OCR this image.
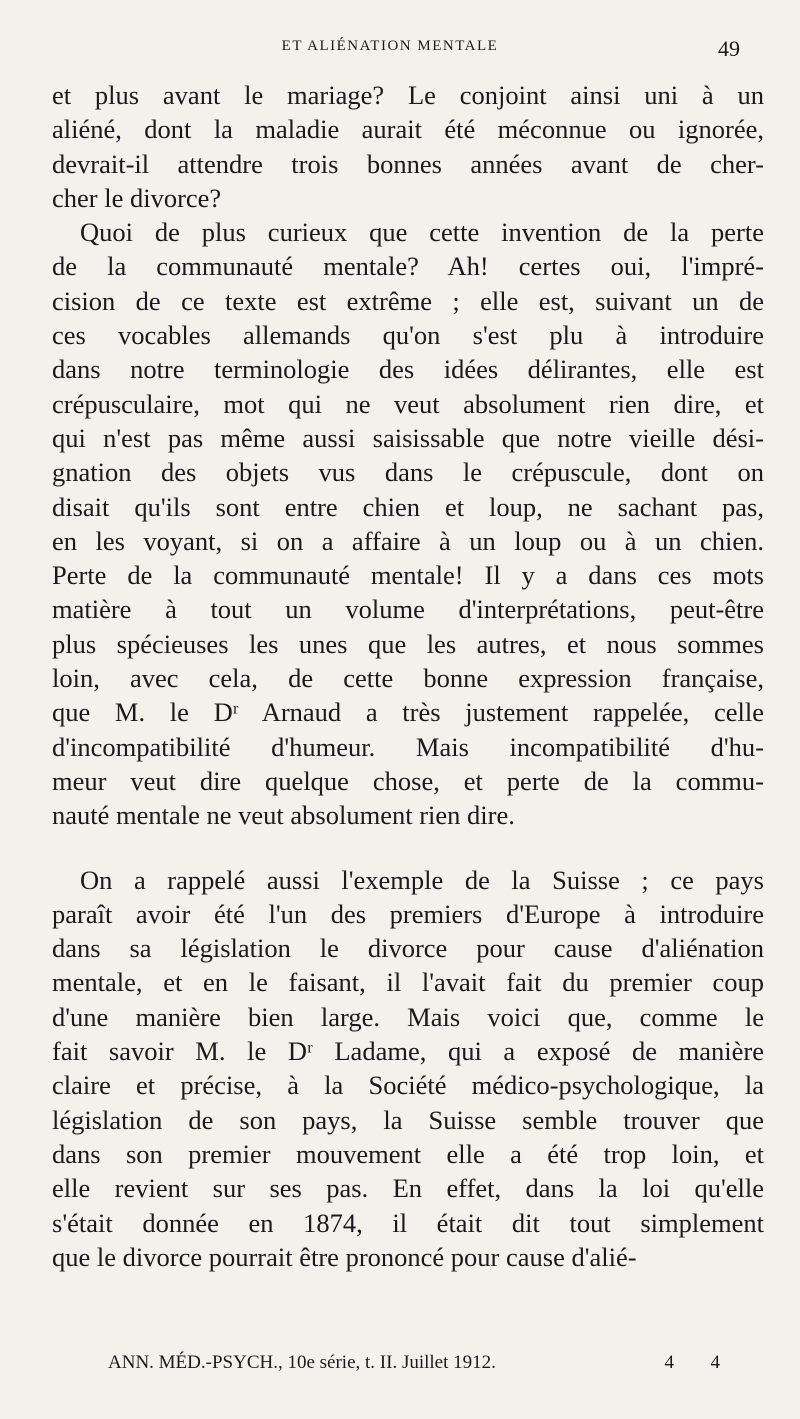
ET ALIÉNATION MENTALE	49

et plus avant le mariage? Le conjoint ainsi uni à un
aliéné, dont la maladie aurait été méconnue ou ignorée,
devrait-il attendre trois bonnes années avant de cher-
cher le divorce?

Quoi de plus curieux que cette invention de la perte
de la communauté mentale? Ah! certes oui, l'impré-
cision de ce texte est extrême ; elle est, suivant un de
ces vocables allemands qu'on s'est plu à introduire
dans notre terminologie des idées délirantes, elle est
crépusculaire, mot qui ne veut absolument rien dire, et
qui n'est pas même aussi saisissable que notre vieille dési-
gnation des objets vus dans le crépuscule, dont on
disait qu'ils sont entre chien et loup, ne sachant pas,
en les voyant, si on a affaire à un loup ou à un chien.
Perte de la communauté mentale! Il y a dans ces mots
matière à tout un volume d'interprétations, peut-être
plus spécieuses les unes que les autres, et nous sommes
loin, avec cela, de cette bonne expression française,
que M. le Dʳ Arnaud a très justement rappelée, celle
d'incompatibilité d'humeur. Mais incompatibilité d'hu-
meur veut dire quelque chose, et perte de la commu-
nauté mentale ne veut absolument rien dire.

On a rappelé aussi l'exemple de la Suisse ; ce pays
paraît avoir été l'un des premiers d'Europe à introduire
dans sa législation le divorce pour cause d'aliénation
mentale, et en le faisant, il l'avait fait du premier coup
d'une manière bien large. Mais voici que, comme le
fait savoir M. le Dʳ Ladame, qui a exposé de manière
claire et précise, à la Société médico-psychologique, la
législation de son pays, la Suisse semble trouver que
dans son premier mouvement elle a été trop loin, et
elle revient sur ses pas. En effet, dans la loi qu'elle
s'était donnée en 1874, il était dit tout simplement
que le divorce pourrait être prononcé pour cause d'alié-

ANN. MÉD.-PSYCH., 10e série, t. II. Juillet 1912.	4 4
